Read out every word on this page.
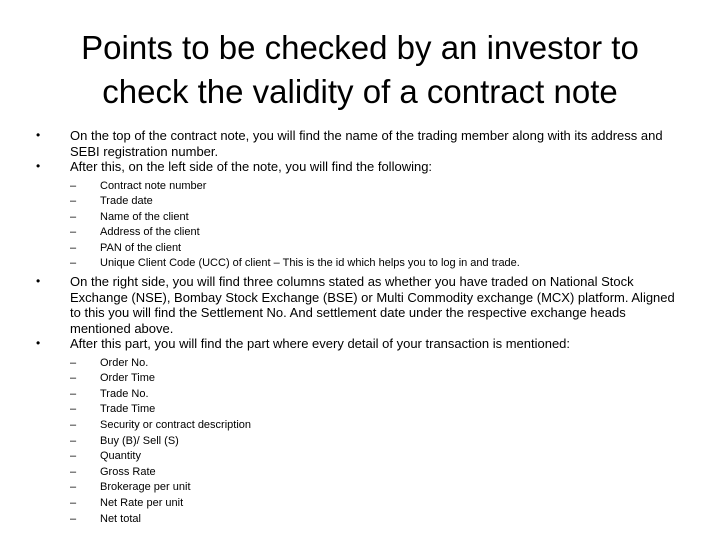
Points to be checked by an investor to
check the validity of a contract note
•	On the top of the contract note, you will find the name of the trading member along with its address and SEBI registration number.
•	After this, on the left side of the note, you will find the following:
–	Contract note number
–	Trade date
–	Name of the client
–	Address of the client
–	PAN of the client
–	Unique Client Code (UCC) of client – This is the id which helps you to log in and trade.
•	On the right side, you will find three columns stated as whether you have traded on National Stock Exchange (NSE), Bombay Stock Exchange (BSE) or Multi Commodity exchange (MCX) platform. Aligned to this you will find the Settlement No. And settlement date under the respective exchange heads mentioned above.
•	After this part, you will find the part where every detail of your transaction is mentioned:
–	Order No.
–	Order Time
–	Trade No.
–	Trade Time
–	Security or contract description
–	Buy (B)/ Sell (S)
–	Quantity
–	Gross Rate
–	Brokerage per unit
–	Net Rate per unit
–	Net total
